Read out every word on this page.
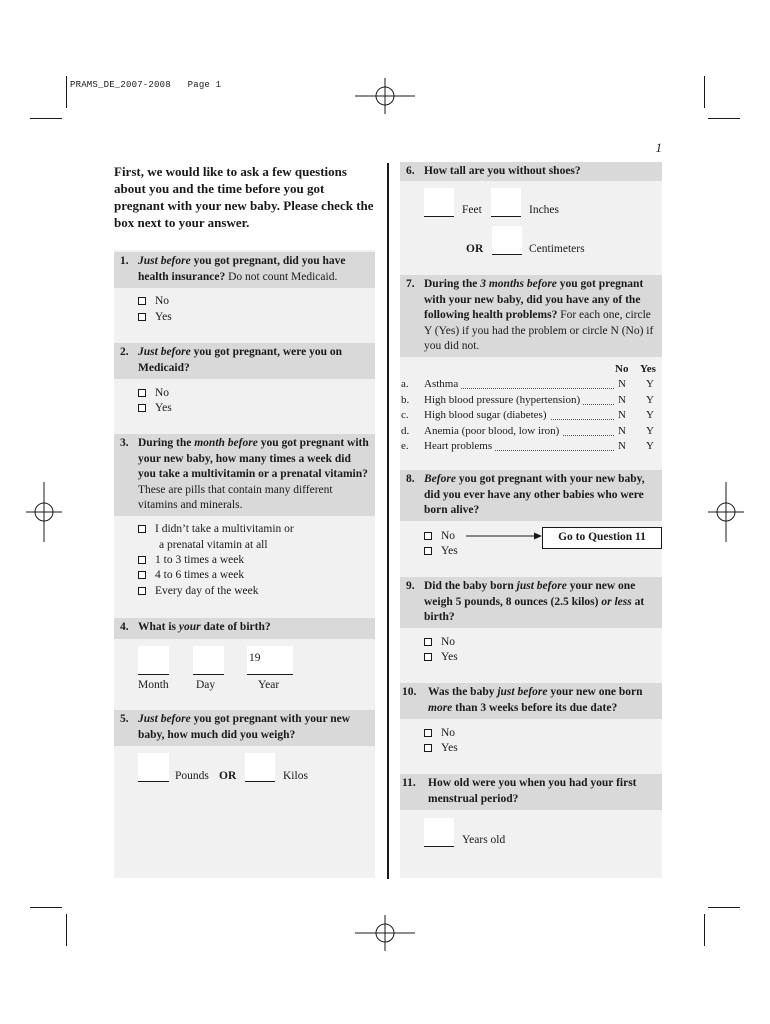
PRAMS_DE_2007-2008   Page 1
1
First, we would like to ask a few questions about you and the time before you got pregnant with your new baby. Please check the box next to your answer.
1. Just before you got pregnant, did you have health insurance? Do not count Medicaid.
No
Yes
2. Just before you got pregnant, were you on Medicaid?
No
Yes
3. During the month before you got pregnant with your new baby, how many times a week did you take a multivitamin or a prenatal vitamin? These are pills that contain many different vitamins and minerals.
I didn’t take a multivitamin or
a prenatal vitamin at all
1 to 3 times a week
4 to 6 times a week
Every day of the week
4. What is your date of birth?
19
Month Day	Year
5. Just before you got pregnant with your new baby, how much did you weigh?
Pounds OR	Kilos
6. How tall are you without shoes?
Feet	Inches
OR	Centimeters
7. During the 3 months before you got pregnant with your new baby, did you have any of the following health problems? For each one, circle Y (Yes) if you had the problem or circle N (No) if you did not.
No Yes
a. Asthma	N Y
b. High blood pressure (hypertension)	N Y
c. High blood sugar (diabetes)	N Y
d. Anemia (poor blood, low iron)	N Y
e. Heart problems	N Y
8. Before you got pregnant with your new baby, did you ever have any other babies who were born alive?
No	Go to Question 11
Yes
9. Did the baby born just before your new one weigh 5 pounds, 8 ounces (2.5 kilos) or less at birth?
No
Yes
10. Was the baby just before your new one born more than 3 weeks before its due date?
No
Yes
11. How old were you when you had your first menstrual period?
Years old
